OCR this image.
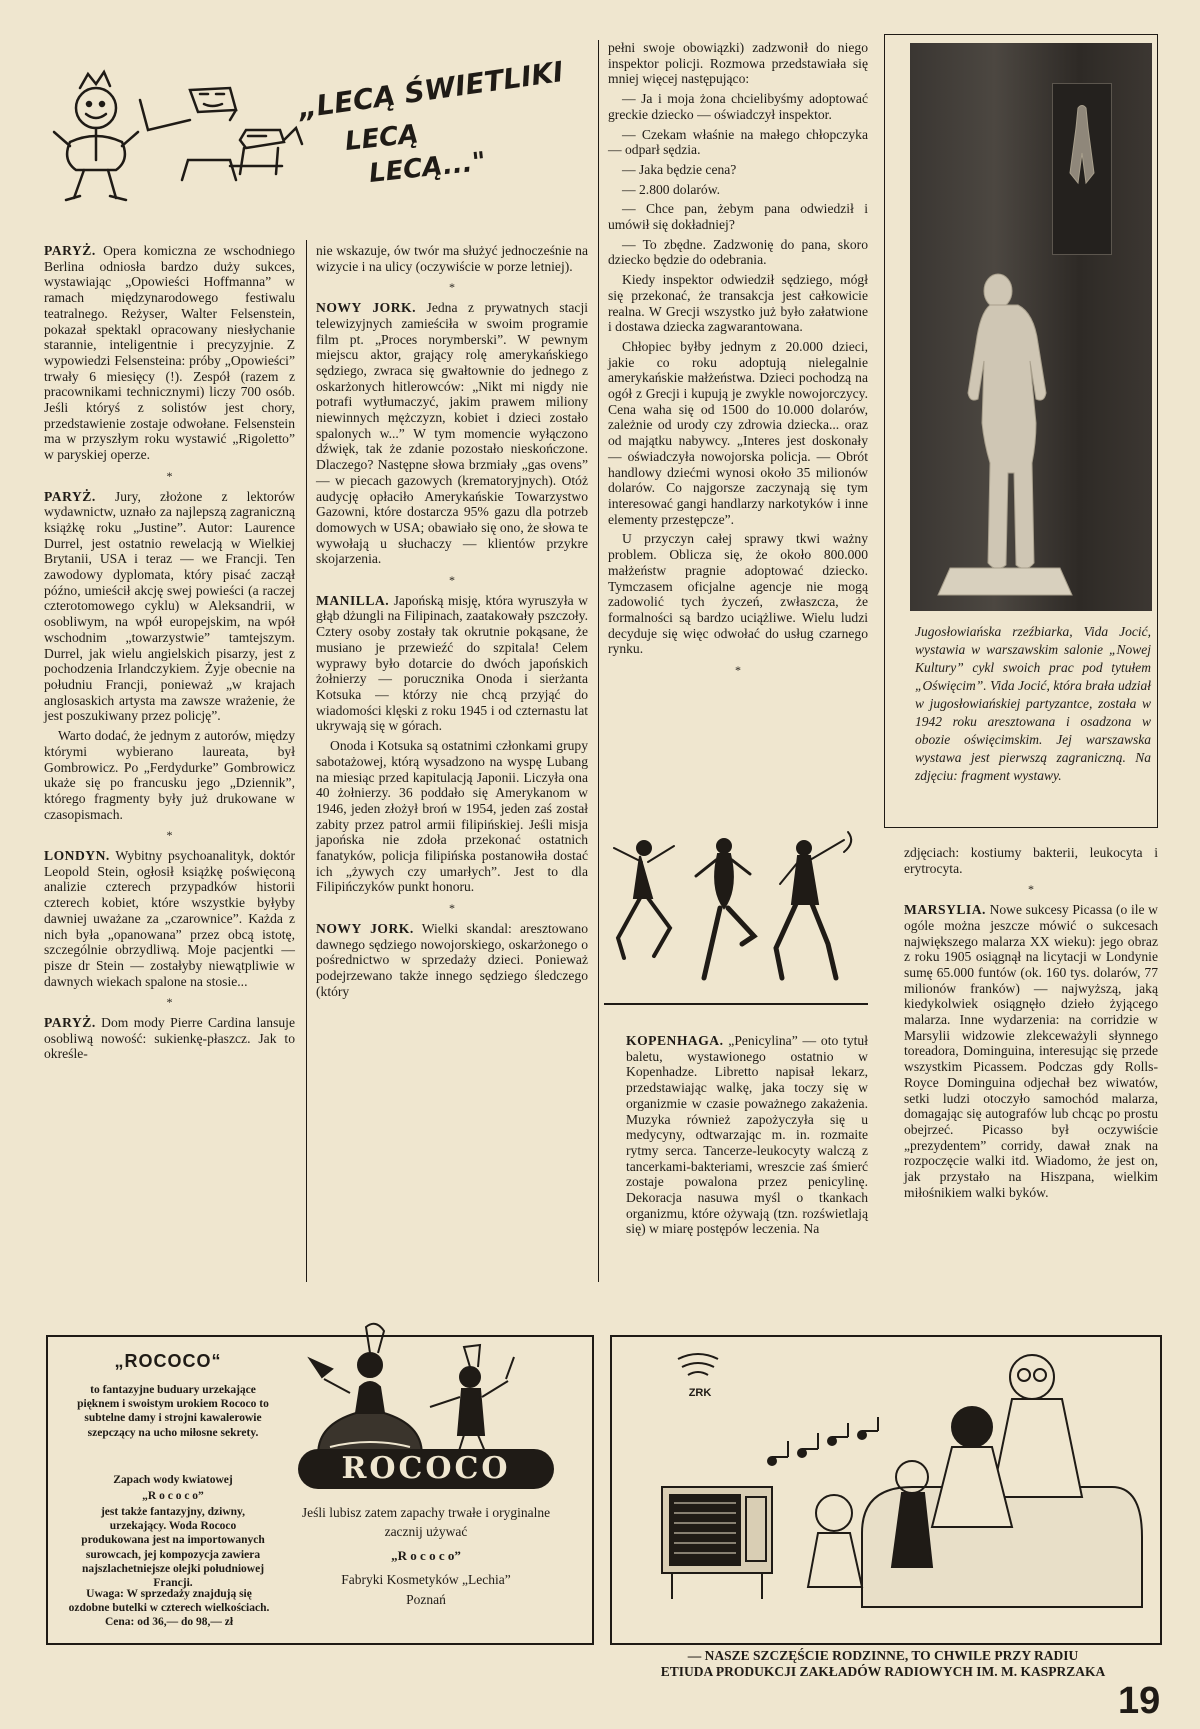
„LECĄ ŚWIETLIKI
LECĄ
LECĄ..."

PARYŻ. Opera komiczna ze wschodniego Berlina odniosła bardzo duży sukces, wystawiając „Opowieści Hoffmanna” w ramach międzynarodowego festiwalu teatralnego. Reżyser, Walter Felsenstein, pokazał spektakl opracowany niesłychanie starannie, inteligentnie i precyzyjnie. Z wypowiedzi Felsensteina: próby „Opowieści” trwały 6 miesięcy (!). Zespół (razem z pracownikami technicznymi) liczy 700 osób. Jeśli któryś z solistów jest chory, przedstawienie zostaje odwołane. Felsenstein ma w przyszłym roku wystawić „Rigoletto” w paryskiej operze.

*

PARYŻ. Jury, złożone z lektorów wydawnictw, uznało za najlepszą zagraniczną książkę roku „Justine”. Autor: Laurence Durrel, jest ostatnio rewelacją w Wielkiej Brytanii, USA i teraz — we Francji. Ten zawodowy dyplomata, który pisać zaczął późno, umieścił akcję swej powieści (a raczej czterotomowego cyklu) w Aleksandrii, w osobliwym, na wpół europejskim, na wpół wschodnim „towarzystwie” tamtejszym. Durrel, jak wielu angielskich pisarzy, jest z pochodzenia Irlandczykiem. Żyje obecnie na południu Francji, ponieważ „w krajach anglosaskich artysta ma zawsze wrażenie, że jest poszukiwany przez policję”.

Warto dodać, że jednym z autorów, między którymi wybierano laureata, był Gombrowicz. Po „Ferdydurke” Gombrowicz ukaże się po francusku jego „Dziennik”, którego fragmenty były już drukowane w czasopismach.

*

LONDYN. Wybitny psychoanalityk, doktór Leopold Stein, ogłosił książkę poświęconą analizie czterech przypadków historii czterech kobiet, które wszystkie byłyby dawniej uważane za „czarownice”. Każda z nich była „opanowana” przez obcą istotę, szczególnie obrzydliwą. Moje pacjentki — pisze dr Stein — zostałyby niewątpliwie w dawnych wiekach spalone na stosie...

*

PARYŻ. Dom mody Pierre Cardina lansuje osobliwą nowość: sukienkę-płaszcz. Jak to określe-

nie wskazuje, ów twór ma służyć jednocześnie na wizycie i na ulicy (oczywiście w porze letniej).

*

NOWY JORK. Jedna z prywatnych stacji telewizyjnych zamieściła w swoim programie film pt. „Proces norymberski”. W pewnym miejscu aktor, grający rolę amerykańskiego sędziego, zwraca się gwałtownie do jednego z oskarżonych hitlerowców: „Nikt mi nigdy nie potrafi wytłumaczyć, jakim prawem miliony niewinnych mężczyzn, kobiet i dzieci zostało spalonych w...” W tym momencie wyłączono dźwięk, tak że zdanie pozostało nieskończone. Dlaczego? Następne słowa brzmiały „gas ovens” — w piecach gazowych (krematoryjnych). Otóż audycję opłaciło Amerykańskie Towarzystwo Gazowni, które dostarcza 95% gazu dla potrzeb domowych w USA; obawiało się ono, że słowa te wywołają u słuchaczy — klientów przykre skojarzenia.

*

MANILLA. Japońską misję, która wyruszyła w głąb dżungli na Filipinach, zaatakowały pszczoły. Cztery osoby zostały tak okrutnie pokąsane, że musiano je przewieźć do szpitala! Celem wyprawy było dotarcie do dwóch japońskich żołnierzy — porucznika Onoda i sierżanta Kotsuka — którzy nie chcą przyjąć do wiadomości klęski z roku 1945 i od czternastu lat ukrywają się w górach.

Onoda i Kotsuka są ostatnimi członkami grupy sabotażowej, którą wysadzono na wyspę Lubang na miesiąc przed kapitulacją Japonii. Liczyła ona 40 żołnierzy. 36 poddało się Amerykanom w 1946, jeden złożył broń w 1954, jeden zaś został zabity przez patrol armii filipińskiej. Jeśli misja japońska nie zdoła przekonać ostatnich fanatyków, policja filipińska postanowiła dostać ich „żywych czy umarłych”. Jest to dla Filipińczyków punkt honoru.

*

NOWY JORK. Wielki skandal: aresztowano dawnego sędziego nowojorskiego, oskarżonego o pośrednictwo w sprzedaży dzieci. Ponieważ podejrzewano także innego sędziego śledczego (który

pełni swoje obowiązki) zadzwonił do niego inspektor policji. Rozmowa przedstawiała się mniej więcej następująco:

— Ja i moja żona chcielibyśmy adoptować greckie dziecko — oświadczył inspektor.

— Czekam właśnie na małego chłopczyka — odparł sędzia.

— Jaka będzie cena?

— 2.800 dolarów.

— Chce pan, żebym pana odwiedził i umówił się dokładniej?

— To zbędne. Zadzwonię do pana, skoro dziecko będzie do odebrania.

Kiedy inspektor odwiedził sędziego, mógł się przekonać, że transakcja jest całkowicie realna. W Grecji wszystko już było załatwione i dostawa dziecka zagwarantowana.

Chłopiec byłby jednym z 20.000 dzieci, jakie co roku adoptują nielegalnie amerykańskie małżeństwa. Dzieci pochodzą na ogół z Grecji i kupują je zwykle nowojorczycy. Cena waha się od 1500 do 10.000 dolarów, zależnie od urody czy zdrowia dziecka... oraz od majątku nabywcy. „Interes jest doskonały — oświadczyła nowojorska policja. — Obrót handlowy dziećmi wynosi około 35 milionów dolarów. Co najgorsze zaczynają się tym interesować gangi handlarzy narkotyków i inne elementy przestępcze”.

U przyczyn całej sprawy tkwi ważny problem. Oblicza się, że około 800.000 małżeństw pragnie adoptować dziecko. Tymczasem oficjalne agencje nie mogą zadowolić tych życzeń, zwłaszcza, że formalności są bardzo uciążliwe. Wielu ludzi decyduje się więc odwołać do usług czarnego rynku.

*

KOPENHAGA. „Penicylina” — oto tytuł baletu, wystawionego ostatnio w Kopenhadze. Libretto napisał lekarz, przedstawiając walkę, jaka toczy się w organizmie w czasie poważnego zakażenia. Muzyka również zapożyczyła się u medycyny, odtwarzając m. in. rozmaite rytmy serca. Tancerze-leukocyty walczą z tancerkami-bakteriami, wreszcie zaś śmierć zostaje powalona przez penicylinę. Dekoracja nasuwa myśl o tkankach organizmu, które ożywają (tzn. rozświetlają się) w miarę postępów leczenia. Na

Jugosłowiańska rzeźbiarka, Vida Jocić, wystawia w warszawskim salonie „Nowej Kultury” cykl swoich prac pod tytułem „Oświęcim”. Vida Jocić, która brała udział w jugosłowiańskiej partyzantce, została w 1942 roku aresztowana i osadzona w obozie oświęcimskim. Jej warszawska wystawa jest pierwszą zagraniczną. Na zdjęciu: fragment wystawy.

zdjęciach: kostiumy bakterii, leukocyta i erytrocyta.

*

MARSYLIA. Nowe sukcesy Picassa (o ile w ogóle można jeszcze mówić o sukcesach największego malarza XX wieku): jego obraz z roku 1905 osiągnął na licytacji w Londynie sumę 65.000 funtów (ok. 160 tys. dolarów, 77 milionów franków) — najwyższą, jaką kiedykolwiek osiągnęło dzieło żyjącego malarza. Inne wydarzenia: na corridzie w Marsylii widzowie zlekceważyli słynnego toreadora, Dominguina, interesując się przede wszystkim Picassem. Podczas gdy Rolls-Royce Dominguina odjechał bez wiwatów, setki ludzi otoczyło samochód malarza, domagając się autografów lub chcąc po prostu obejrzeć. Picasso był oczywiście „prezydentem” corridy, dawał znak na rozpoczęcie walki itd. Wiadomo, że jest on, jak przystało na Hiszpana, wielkim miłośnikiem walki byków.

„ROCOCO“
to fantazyjne buduary urzekające pięknem i swoistym urokiem Rococo to subtelne damy i strojni kawalerowie szepczący na ucho miłosne sekrety.
Zapach wody kwiatowej
„R o c o c o”
jest także fantazyjny, dziwny, urzekający. Woda Rococo produkowana jest na importowanych surowcach, jej kompozycja zawiera najszlachetniejsze olejki południowej Francji.
Uwaga: W sprzedaży znajdują się ozdobne butelki w czterech wielkościach. Cena: od 36,— do 98,— zł
ROCOCO
Jeśli lubisz zatem zapachy trwałe i oryginalne zacznij używać
„R o c o c o”
Fabryki Kosmetyków „Lechia”
Poznań
ZRK
— NASZE SZCZĘŚCIE RODZINNE, TO CHWILE PRZY RADIU
ETIUDA PRODUKCJI ZAKŁADÓW RADIOWYCH IM. M. KASPRZAKA
19
